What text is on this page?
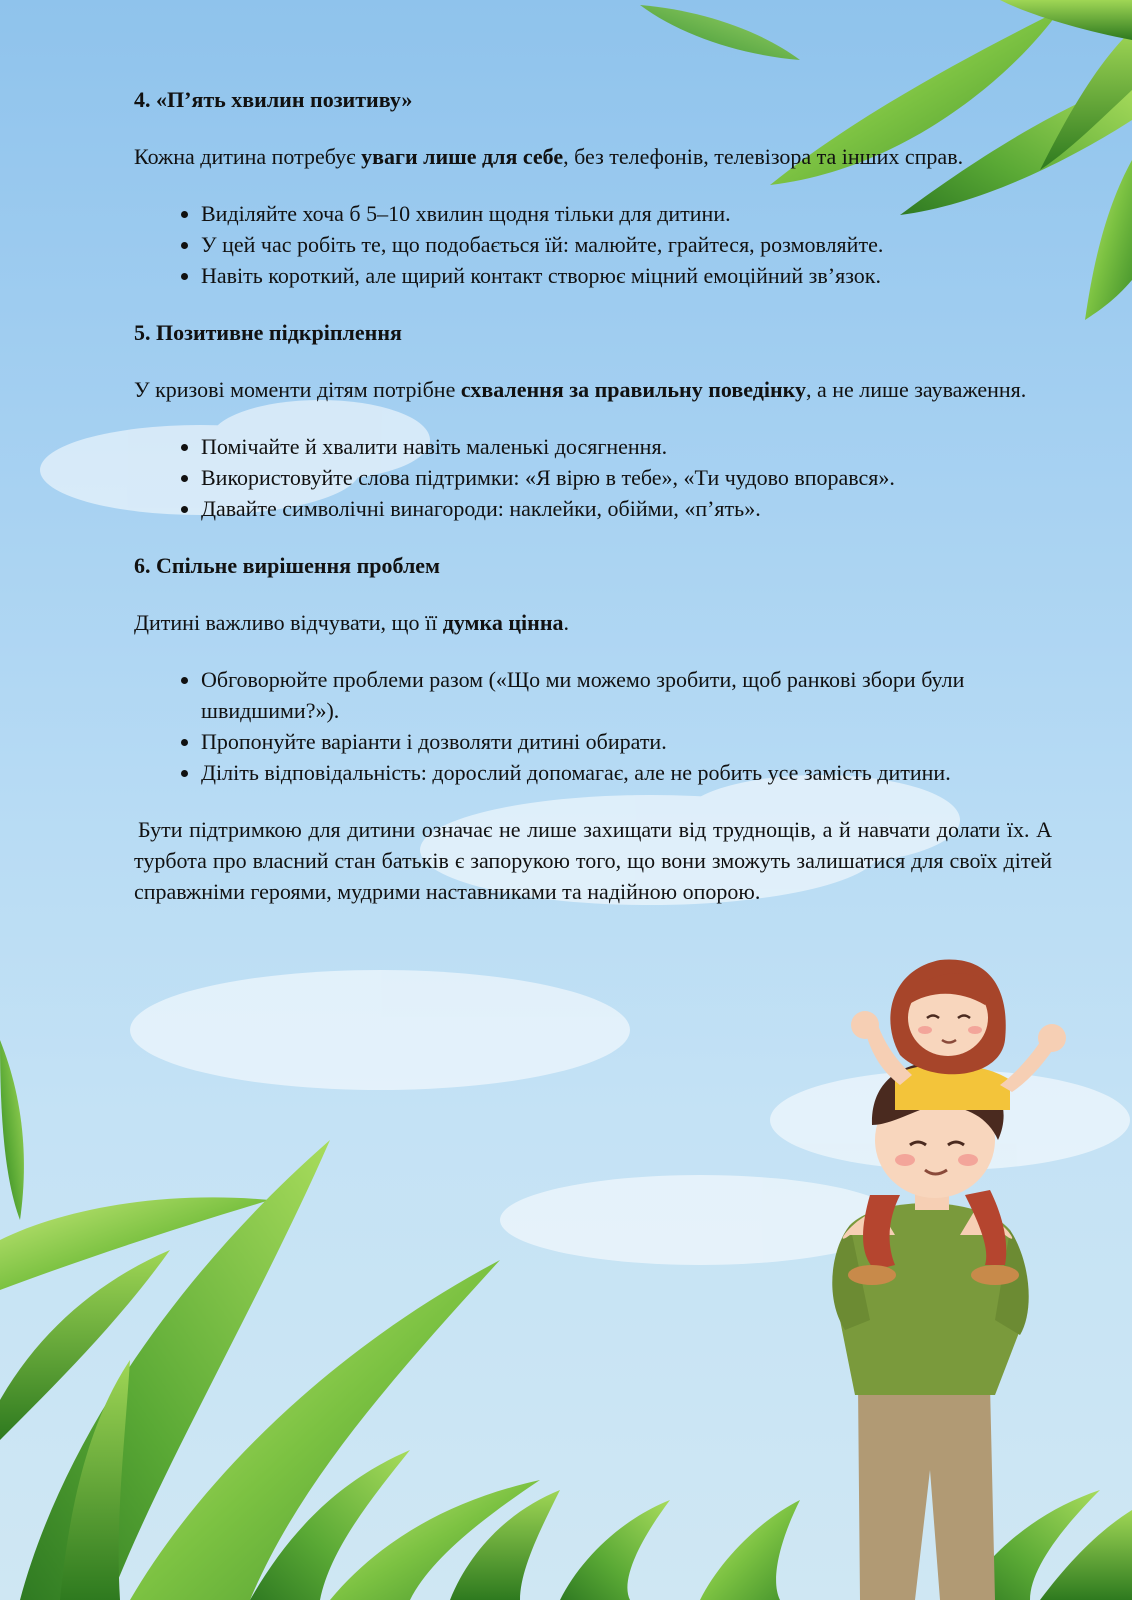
4. «П’ять хвилин позитиву»

Кожна дитина потребує уваги лише для себе, без телефонів, телевізора та інших справ.

• Виділяйте хоча б 5–10 хвилин щодня тільки для дитини.
• У цей час робіть те, що подобається їй: малюйте, грайтеся, розмовляйте.
• Навіть короткий, але щирий контакт створює міцний емоційний зв’язок.

5. Позитивне підкріплення

У кризові моменти дітям потрібне схвалення за правильну поведінку, а не лише зауваження.

• Помічайте й хвалити навіть маленькі досягнення.
• Використовуйте слова підтримки: «Я вірю в тебе», «Ти чудово впорався».
• Давайте символічні винагороди: наклейки, обійми, «п’ять».

6. Спільне вирішення проблем

Дитині важливо відчувати, що її думка цінна.

• Обговорюйте проблеми разом («Що ми можемо зробити, щоб ранкові збори були швидшими?»).
• Пропонуйте варіанти і дозволяти дитині обирати.
• Діліть відповідальність: дорослий допомагає, але не робить усе замість дитини.

Бути підтримкою для дитини означає не лише захищати від труднощів, а й навчати долати їх. А турбота про власний стан батьків є запорукою того, що вони зможуть залишатися для своїх дітей справжніми героями, мудрими наставниками та надійною опорою.
